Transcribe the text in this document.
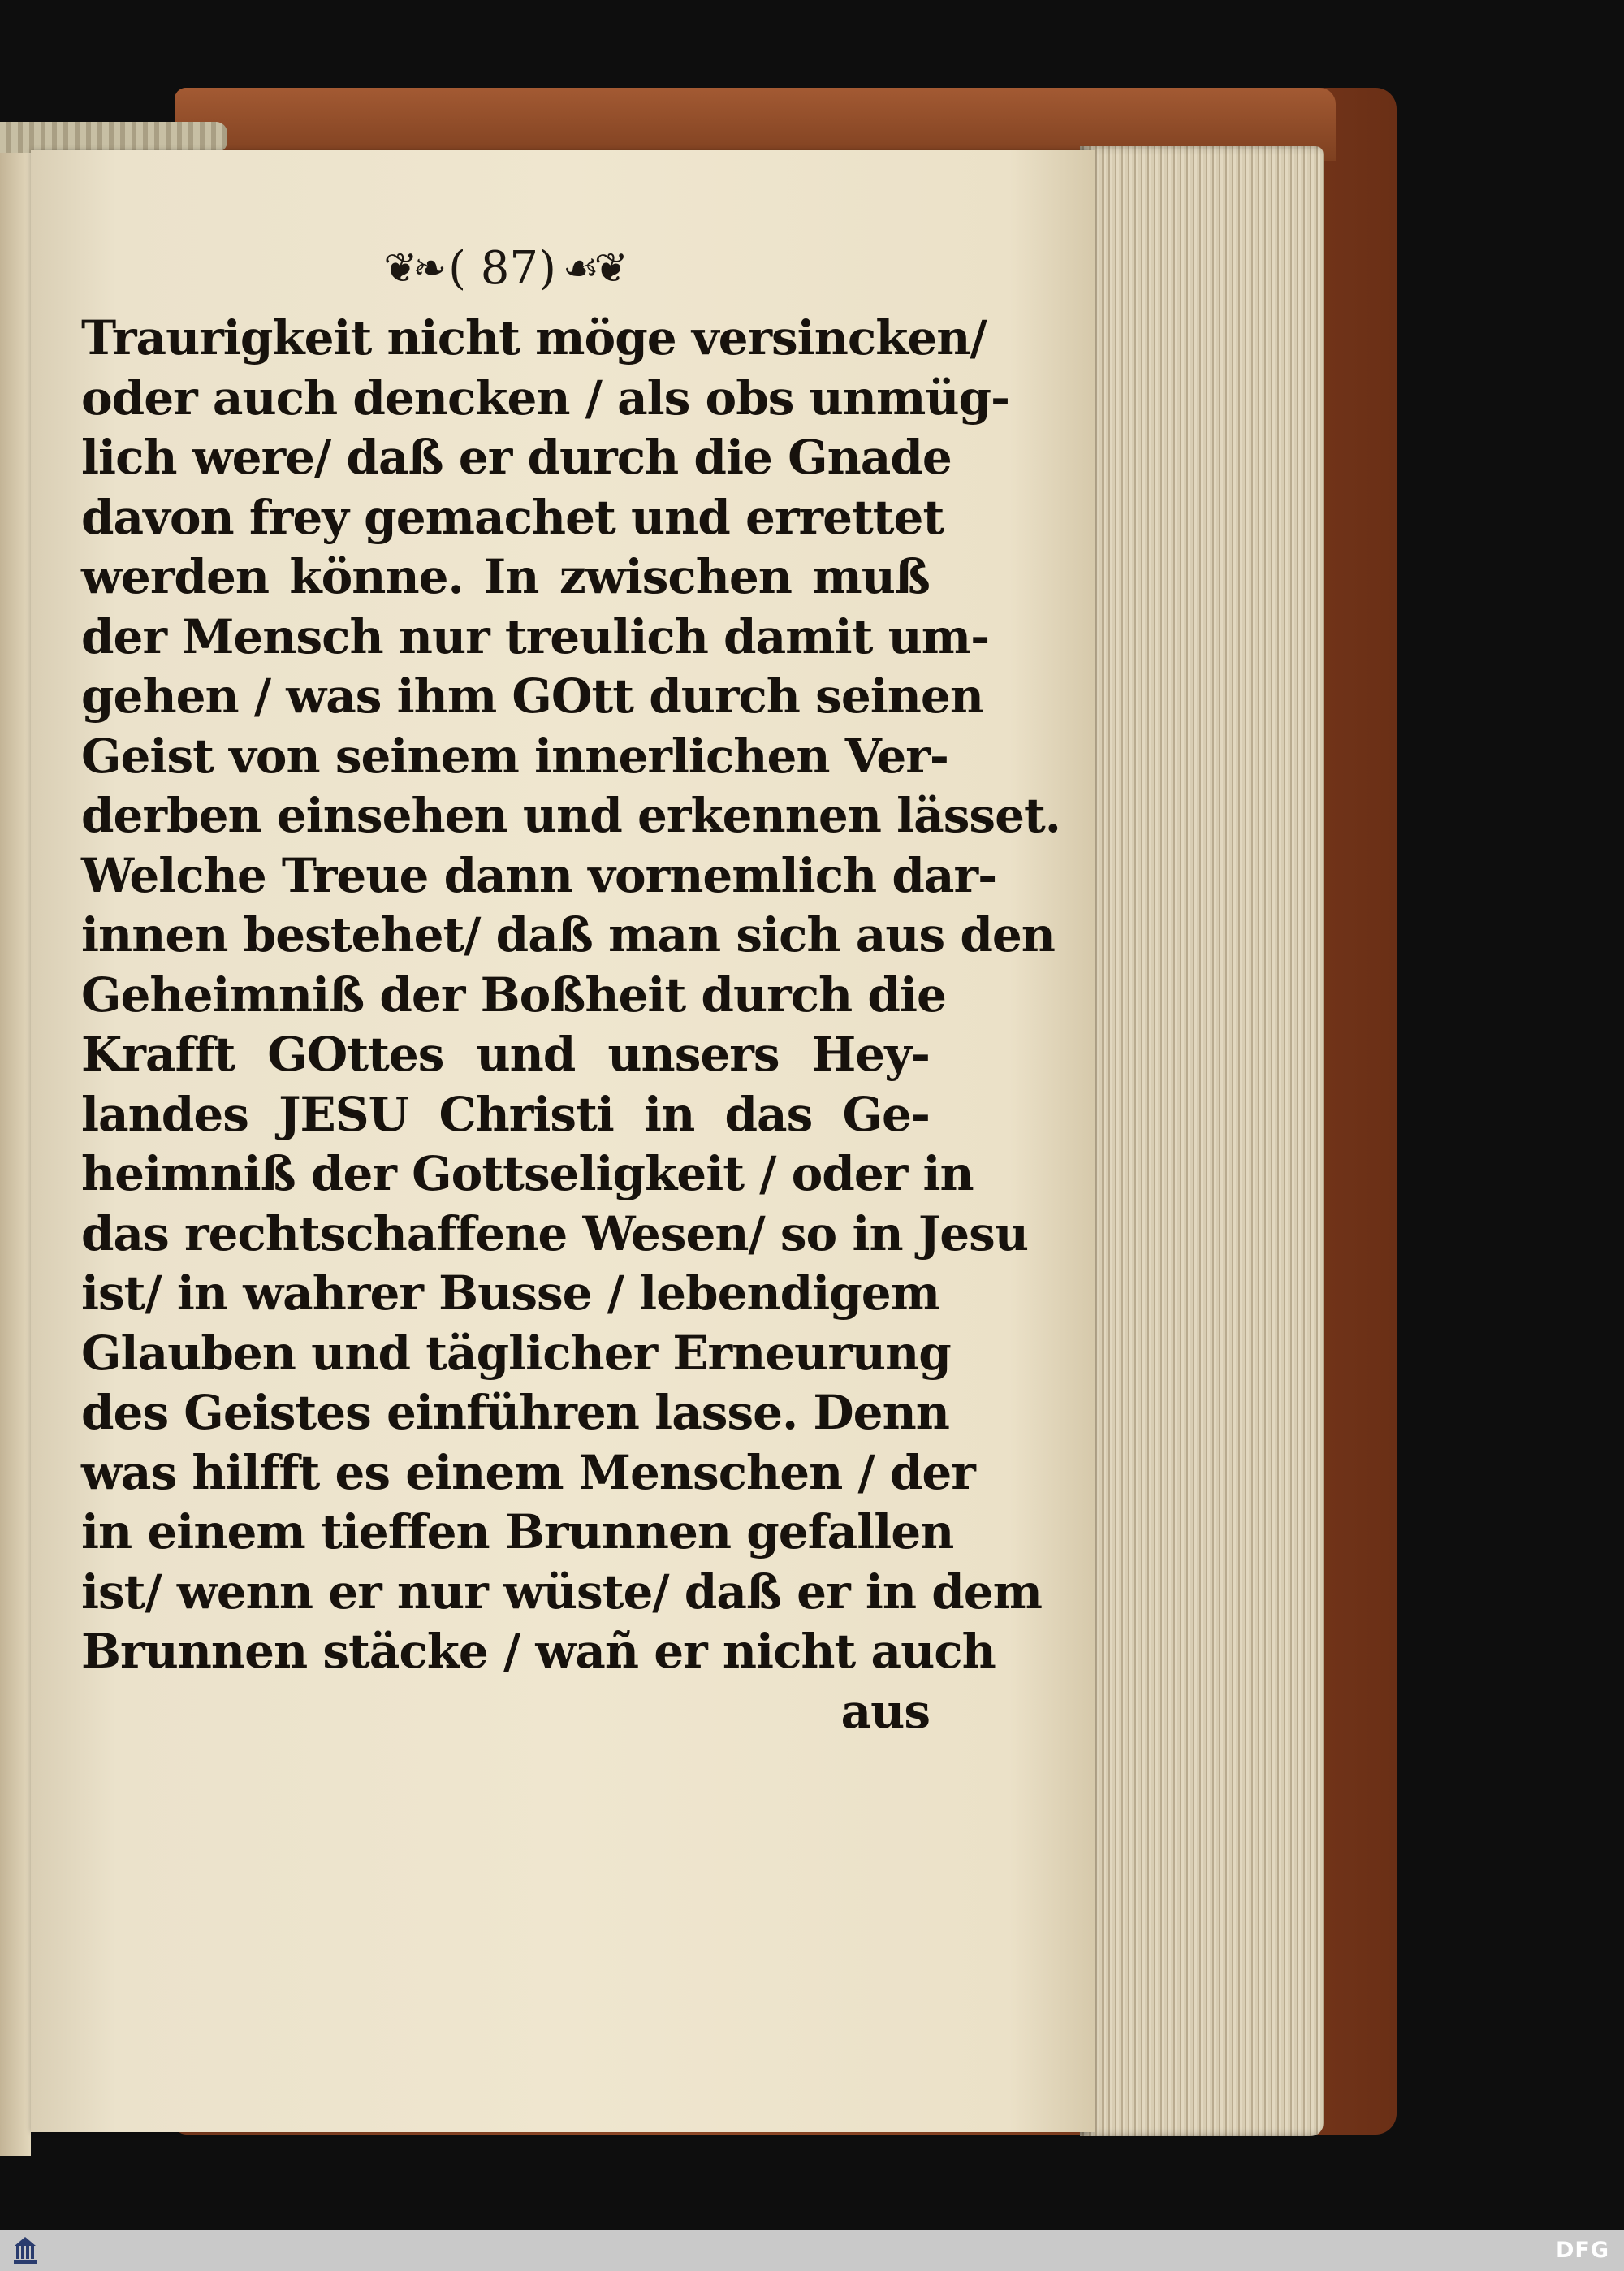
❦❧ ( 87) ☙❦
Traurigkeit nicht möge versincken/
oder auch dencken / als obs unmüg-
lich were/ daß er durch die Gnade
davon frey gemachet und errettet
werden könne. In zwischen muß
der Mensch nur treulich damit um-
gehen / was ihm GOtt durch seinen
Geist von seinem innerlichen Ver-
derben einsehen und erkennen lässet.
Welche Treue dann vornemlich dar-
innen bestehet/ daß man sich aus den
Geheimniß der Boßheit durch die
Krafft GOttes und unsers Hey-
landes JESU Christi in das Ge-
heimniß der Gottseligkeit / oder in
das rechtschaffene Wesen/ so in Jesu
ist/ in wahrer Busse / lebendigem
Glauben und täglicher Erneurung
des Geistes einführen lasse. Denn
was hilfft es einem Menschen / der
in einem tieffen Brunnen gefallen
ist/ wenn er nur wüste/ daß er in dem
Brunnen stäcke / wañ er nicht auch
aus
DFG
